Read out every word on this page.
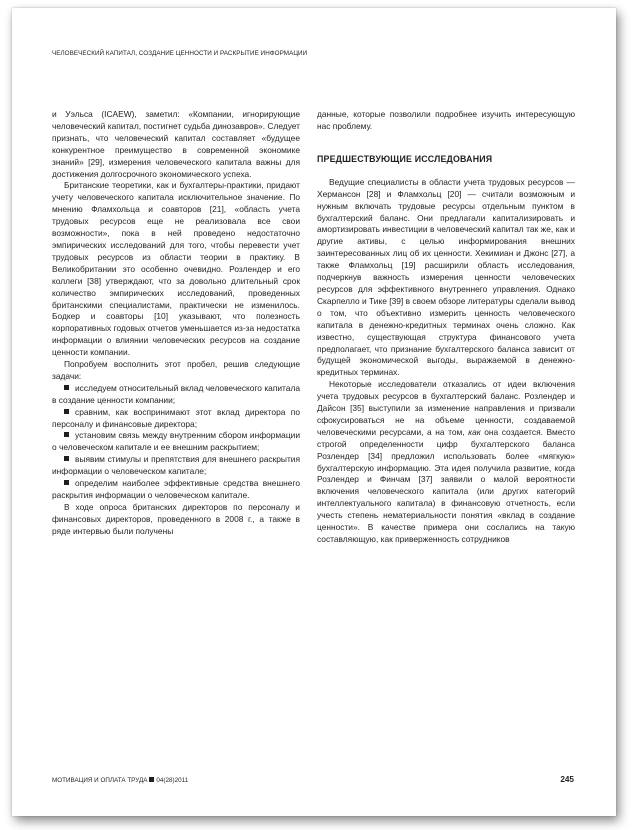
ЧЕЛОВЕЧЕСКИЙ КАПИТАЛ, СОЗДАНИЕ ЦЕННОСТИ И РАСКРЫТИЕ ИНФОРМАЦИИ

и Уэльса (ICAEW), заметил: «Компании, игнорирующие человеческий капитал, постигнет судьба динозавров». Следует признать, что человеческий капитал составляет «будущее конкурентное преимущество в современной экономике знаний» [29], измерения человеческого капитала важны для достижения долгосрочного экономического успеха.

Британские теоретики, как и бухгалтеры-практики, придают учету человеческого капитала исключительное значение. По мнению Фламхольца и соавторов [21], «область учета трудовых ресурсов еще не реализовала все свои возможности», пока в ней проведено недостаточно эмпирических исследований для того, чтобы перевести учет трудовых ресурсов из области теории в практику. В Великобритании это особенно очевидно. Розлендер и его коллеги [38] утверждают, что за довольно длительный срок количество эмпирических исследований, проведенных британскими специалистами, практически не изменилось. Бодкер и соавторы [10] указывают, что полезность корпоративных годовых отчетов уменьшается из-за недостатка информации о влиянии человеческих ресурсов на создание ценности компании.

Попробуем восполнить этот пробел, решив следующие задачи:

исследуем относительный вклад человеческого капитала в создание ценности компании;

сравним, как воспринимают этот вклад директора по персоналу и финансовые директора;

установим связь между внутренним сбором информации о человеческом капитале и ее внешним раскрытием;

выявим стимулы и препятствия для внешнего раскрытия информации о человеческом капитале;

определим наиболее эффективные средства внешнего раскрытия информации о человеческом капитале.

В ходе опроса британских директоров по персоналу и финансовых директоров, проведенного в 2008 г., а также в ряде интервью были получены

данные, которые позволили подробнее изучить интересующую нас проблему.

ПРЕДШЕСТВУЮЩИЕ ИССЛЕДОВАНИЯ

Ведущие специалисты в области учета трудовых ресурсов — Хермансон [28] и Фламхольц [20] — считали возможным и нужным включать трудовые ресурсы отдельным пунктом в бухгалтерский баланс. Они предлагали капитализировать и амортизировать инвестиции в человеческий капитал так же, как и другие активы, с целью информирования внешних заинтересованных лиц об их ценности. Хекимиан и Джонс [27], а также Фламхольц [19] расширили область исследования, подчеркнув важность измерения ценности человеческих ресурсов для эффективного внутреннего управления. Однако Скарпелло и Тике [39] в своем обзоре литературы сделали вывод о том, что объективно измерить ценность человеческого капитала в денежно-кредитных терминах очень сложно. Как известно, существующая структура финансового учета предполагает, что признание бухгалтерского баланса зависит от будущей экономической выгоды, выражаемой в денежно-кредитных терминах.

Некоторые исследователи отказались от идеи включения учета трудовых ресурсов в бухгалтерский баланс. Розлендер и Дайсон [35] выступили за изменение направления и призвали сфокусироваться не на объеме ценности, создаваемой человеческими ресурсами, а на том, как она создается. Вместо строгой определенности цифр бухгалтерского баланса Розлендер [34] предложил использовать более «мягкую» бухгалтерскую информацию. Эта идея получила развитие, когда Розлендер и Финчам [37] заявили о малой вероятности включения человеческого капитала (или других категорий интеллектуального капитала) в финансовую отчетность, если учесть степень нематериальности понятия «вклад в создание ценности». В качестве примера они сослались на такую составляющую, как приверженность сотрудников

МОТИВАЦИЯ И ОПЛАТА ТРУДА 04(28)2011	245
